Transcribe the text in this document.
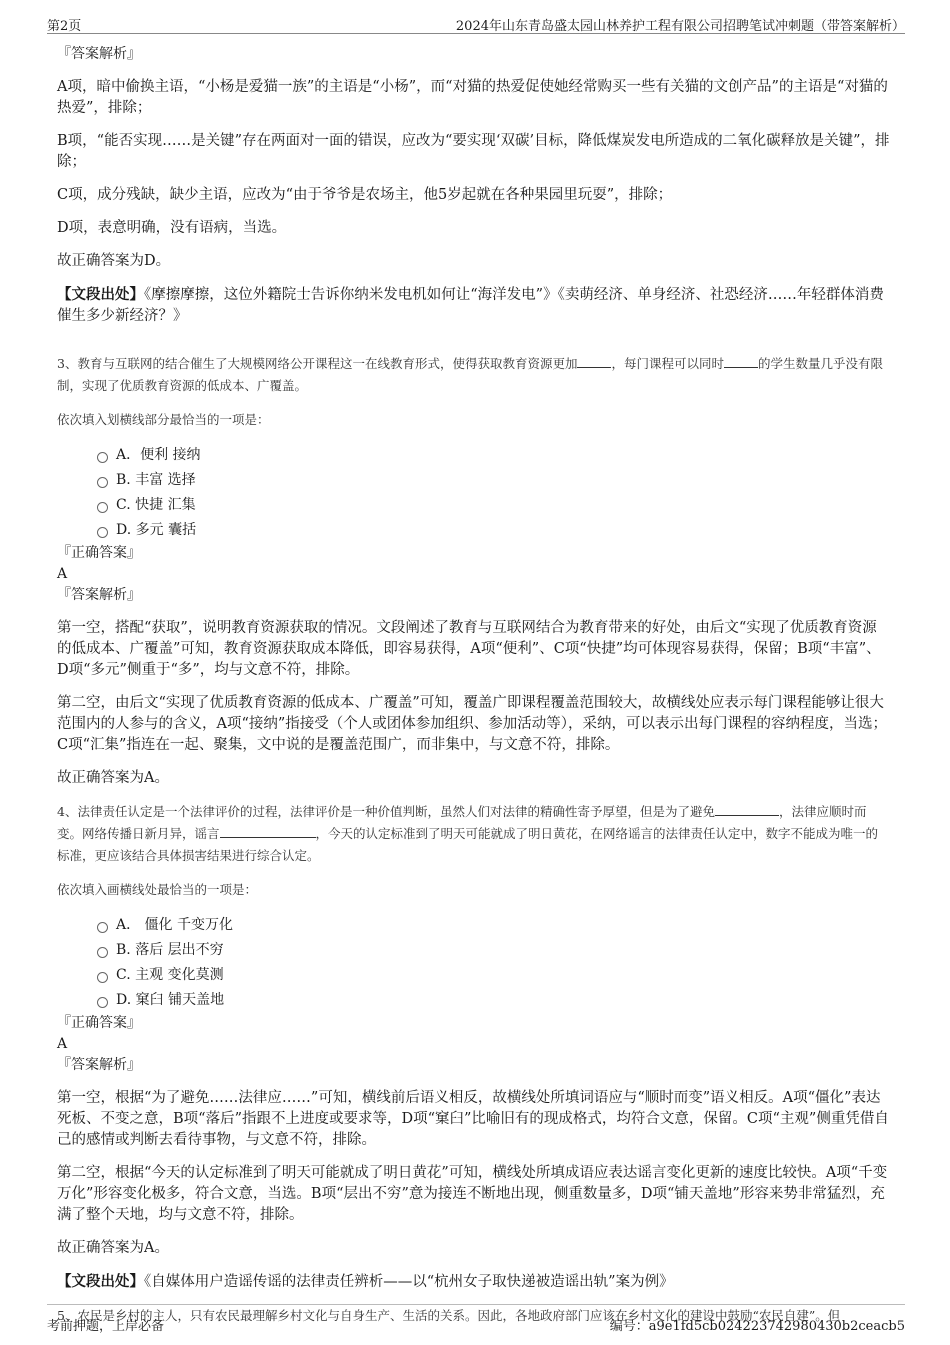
第2页	2024年山东青岛盛太园山林养护工程有限公司招聘笔试冲刺题（带答案解析）

『答案解析』

A项，暗中偷换主语，“小杨是爱猫一族”的主语是“小杨”，而“对猫的热爱促使她经常购买一些有关猫的文创产品”的主语是“对猫的热爱”，排除；

B项，“能否实现……是关键”存在两面对一面的错误，应改为“要实现‘双碳’目标，降低煤炭发电所造成的二氧化碳释放是关键”，排除；

C项，成分残缺，缺少主语，应改为“由于爷爷是农场主，他5岁起就在各种果园里玩耍”，排除；

D项，表意明确，没有语病，当选。

故正确答案为D。

【文段出处】《摩擦摩擦，这位外籍院士告诉你纳米发电机如何让“海洋发电”》《卖萌经济、单身经济、社恐经济……年轻群体消费催生多少新经济？》

3、教育与互联网的结合催生了大规模网络公开课程这一在线教育形式，使得获取教育资源更加	，每门课程可以同时	的学生数量几乎没有限制，实现了优质教育资源的低成本、广覆盖。

依次填入划横线部分最恰当的一项是：

A．便利 接纳
B. 丰富 选择
C. 快捷 汇集
D. 多元 囊括

『正确答案』

A

『答案解析』

第一空，搭配“获取”，说明教育资源获取的情况。文段阐述了教育与互联网结合为教育带来的好处，由后文“实现了优质教育资源的低成本、广覆盖”可知，教育资源获取成本降低，即容易获得，A项“便利”、C项“快捷”均可体现容易获得，保留；B项“丰富”、D项“多元”侧重于“多”，均与文意不符，排除。

第二空，由后文“实现了优质教育资源的低成本、广覆盖”可知，覆盖广即课程覆盖范围较大，故横线处应表示每门课程能够让很大范围内的人参与的含义，A项“接纳”指接受（个人或团体参加组织、参加活动等），采纳，可以表示出每门课程的容纳程度，当选；C项“汇集”指连在一起、聚集，文中说的是覆盖范围广，而非集中，与文意不符，排除。

故正确答案为A。

4、法律责任认定是一个法律评价的过程，法律评价是一种价值判断，虽然人们对法律的精确性寄予厚望，但是为了避免	，法律应顺时而变。网络传播日新月异，谣言	，今天的认定标准到了明天可能就成了明日黄花，在网络谣言的法律责任认定中，数字不能成为唯一的标准，更应该结合具体损害结果进行综合认定。

依次填入画横线处最恰当的一项是：

A． 僵化 千变万化
B. 落后 层出不穷
C. 主观 变化莫测
D. 窠臼 铺天盖地

『正确答案』

A

『答案解析』

第一空，根据“为了避免……法律应……”可知，横线前后语义相反，故横线处所填词语应与“顺时而变”语义相反。A项“僵化”表达死板、不变之意，B项“落后”指跟不上进度或要求等，D项“窠臼”比喻旧有的现成格式，均符合文意，保留。C项“主观”侧重凭借自己的感情或判断去看待事物，与文意不符，排除。

第二空，根据“今天的认定标准到了明天可能就成了明日黄花”可知，横线处所填成语应表达谣言变化更新的速度比较快。A项“千变万化”形容变化极多，符合文意，当选。B项“层出不穷”意为接连不断地出现，侧重数量多，D项“铺天盖地”形容来势非常猛烈，充满了整个天地，均与文意不符，排除。

故正确答案为A。

【文段出处】《自媒体用户造谣传谣的法律责任辨析——以“杭州女子取快递被造谣出轨”案为例》

5、农民是乡村的主人，只有农民最理解乡村文化与自身生产、生活的关系。因此，各地政府部门应该在乡村文化的建设中鼓励“农民自建”。但

考前押题，上岸必备	编号：a9e1fd5cb024223742980430b2ceacb5
